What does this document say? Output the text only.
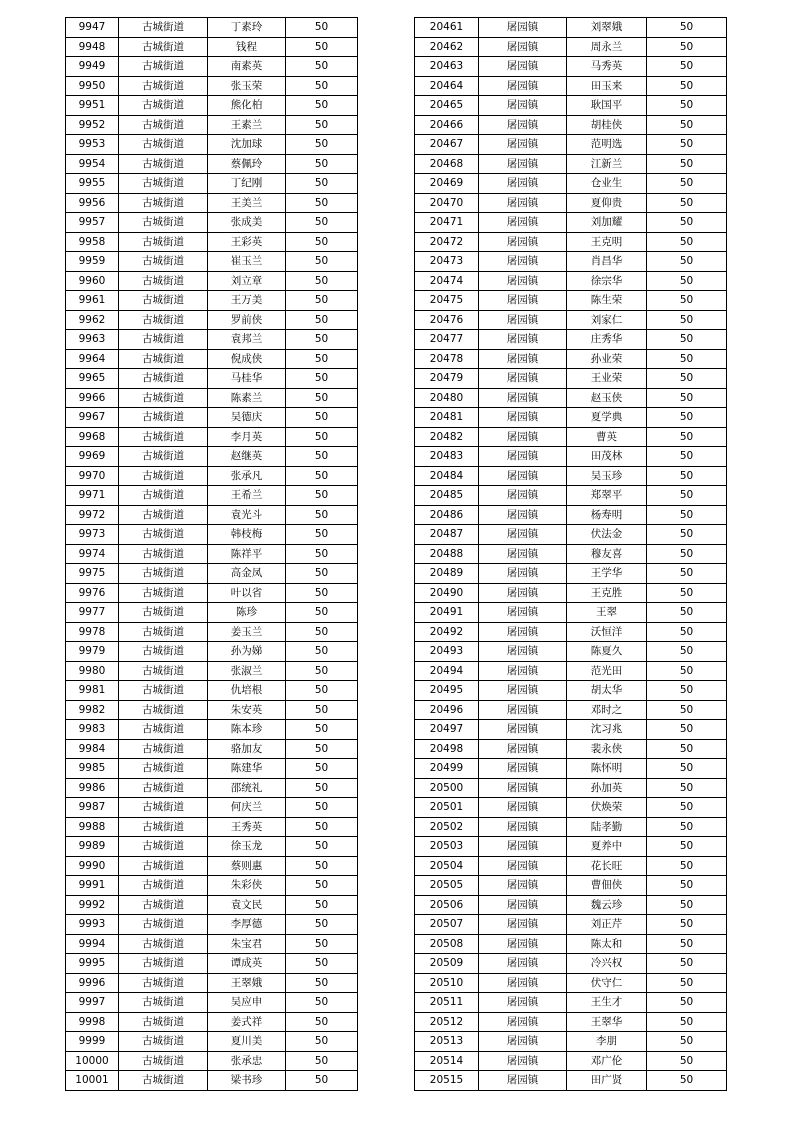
9947	古城街道	丁素玲	50
9948	古城街道	钱程	50
9949	古城街道	南素英	50
9950	古城街道	张玉荣	50
9951	古城街道	熊化柏	50
9952	古城街道	王素兰	50
9953	古城街道	沈加球	50
9954	古城街道	蔡佩玲	50
9955	古城街道	丁纪刚	50
9956	古城街道	王美兰	50
9957	古城街道	张成美	50
9958	古城街道	王彩英	50
9959	古城街道	崔玉兰	50
9960	古城街道	刘立章	50
9961	古城街道	王万美	50
9962	古城街道	罗前侠	50
9963	古城街道	袁邦兰	50
9964	古城街道	倪成侠	50
9965	古城街道	马桂华	50
9966	古城街道	陈素兰	50
9967	古城街道	吴德庆	50
9968	古城街道	李月英	50
9969	古城街道	赵继英	50
9970	古城街道	张承凡	50
9971	古城街道	王希兰	50
9972	古城街道	袁光斗	50
9973	古城街道	韩枝梅	50
9974	古城街道	陈祥平	50
9975	古城街道	高金凤	50
9976	古城街道	叶以省	50
9977	古城街道	陈珍	50
9978	古城街道	姜玉兰	50
9979	古城街道	孙为娣	50
9980	古城街道	张淑兰	50
9981	古城街道	仇培根	50
9982	古城街道	朱安英	50
9983	古城街道	陈本珍	50
9984	古城街道	骆加友	50
9985	古城街道	陈建华	50
9986	古城街道	邵统礼	50
9987	古城街道	何庆兰	50
9988	古城街道	王秀英	50
9989	古城街道	徐玉龙	50
9990	古城街道	蔡则惠	50
9991	古城街道	朱彩侠	50
9992	古城街道	袁文民	50
9993	古城街道	李厚德	50
9994	古城街道	朱宝君	50
9995	古城街道	谭成英	50
9996	古城街道	王翠娥	50
9997	古城街道	吴应申	50
9998	古城街道	姜式祥	50
9999	古城街道	夏川美	50
10000	古城街道	张承忠	50
10001	古城街道	梁书珍	50
20461	屠园镇	刘翠娥	50
20462	屠园镇	周永兰	50
20463	屠园镇	马秀英	50
20464	屠园镇	田玉来	50
20465	屠园镇	耿国平	50
20466	屠园镇	胡桂侠	50
20467	屠园镇	范明选	50
20468	屠园镇	江新兰	50
20469	屠园镇	仓业生	50
20470	屠园镇	夏仰贵	50
20471	屠园镇	刘加耀	50
20472	屠园镇	王克明	50
20473	屠园镇	肖昌华	50
20474	屠园镇	徐宗华	50
20475	屠园镇	陈生荣	50
20476	屠园镇	刘家仁	50
20477	屠园镇	庄秀华	50
20478	屠园镇	孙业荣	50
20479	屠园镇	王业荣	50
20480	屠园镇	赵玉侠	50
20481	屠园镇	夏学典	50
20482	屠园镇	曹英	50
20483	屠园镇	田茂林	50
20484	屠园镇	吴玉珍	50
20485	屠园镇	郑翠平	50
20486	屠园镇	杨寿明	50
20487	屠园镇	伏法金	50
20488	屠园镇	穆友喜	50
20489	屠园镇	王学华	50
20490	屠园镇	王克胜	50
20491	屠园镇	王翠	50
20492	屠园镇	沃恒洋	50
20493	屠园镇	陈夏久	50
20494	屠园镇	范光田	50
20495	屠园镇	胡太华	50
20496	屠园镇	邓时之	50
20497	屠园镇	沈习兆	50
20498	屠园镇	裴永侠	50
20499	屠园镇	陈怀明	50
20500	屠园镇	孙加英	50
20501	屠园镇	伏焕荣	50
20502	屠园镇	陆孝勤	50
20503	屠园镇	夏养中	50
20504	屠园镇	花长旺	50
20505	屠园镇	曹佃侠	50
20506	屠园镇	魏云珍	50
20507	屠园镇	刘正芹	50
20508	屠园镇	陈太和	50
20509	屠园镇	冷兴权	50
20510	屠园镇	伏守仁	50
20511	屠园镇	王生才	50
20512	屠园镇	王翠华	50
20513	屠园镇	李朋	50
20514	屠园镇	邓广伦	50
20515	屠园镇	田广贤	50
